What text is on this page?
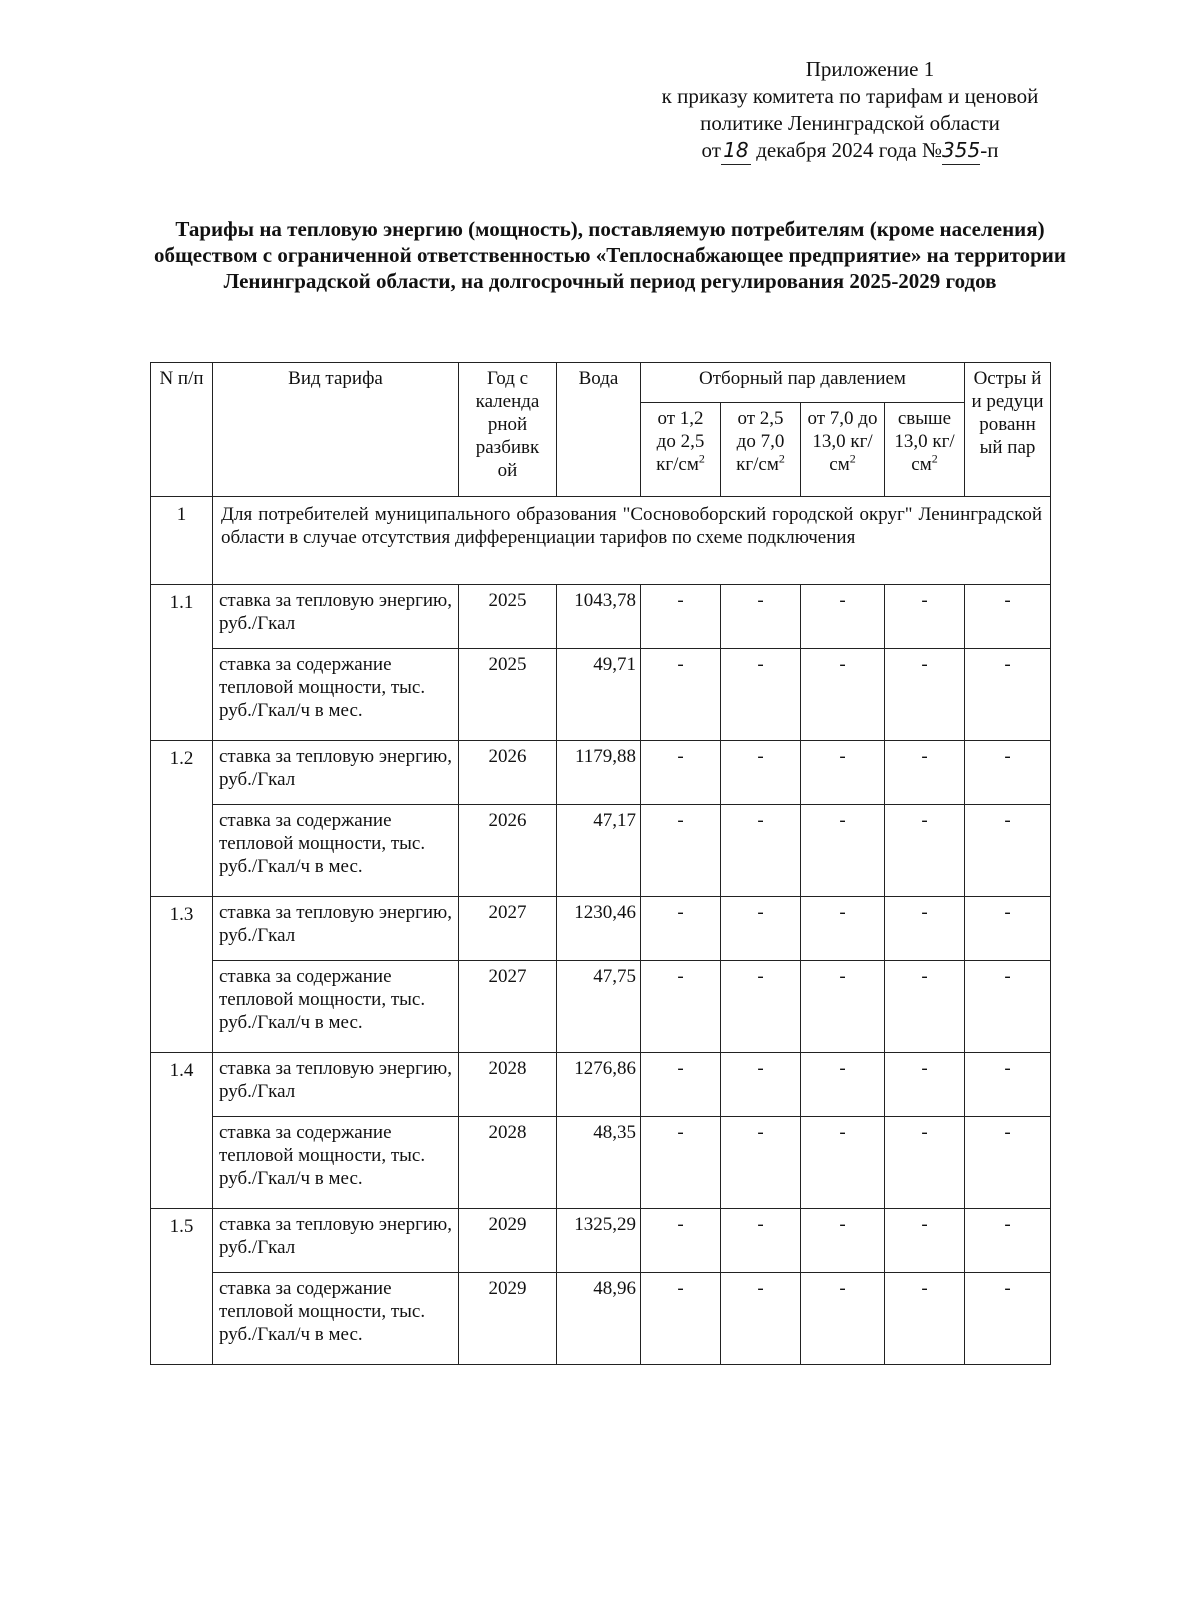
Приложение 1
к приказу комитета по тарифам и ценовой
политике Ленинградской области
от 18 декабря 2024 года №355-п
Тарифы на тепловую энергию (мощность), поставляемую потребителям (кроме населения) обществом с ограниченной ответственностью «Теплоснабжающее предприятие» на территории Ленинградской области, на долгосрочный период регулирования 2025-2029 годов
N п/п	Вид тарифа	Год с календа рной разбивк ой	Вода	Отборный пар давлением				Остры й и редуци рованн ый пар
				от 1,2 до 2,5 $кг/см^2$	от 2,5 до 7,0 $кг/см^2$	от 7,0 до 13,0 $кг/см^2$	свыше 13,0 $кг/см^2$
1	Для потребителей муниципального образования "Сосновоборский городской округ" Ленинградской области в случае отсутствия дифференциации тарифов по схеме подключения							
1.1	ставка за тепловую энергию, руб./Гкал	2025	1043,78	-	-	-	-	-
	ставка за содержание тепловой мощности, тыс. руб./Гкал/ч в мес.	2025	49,71	-	-	-	-	-
1.2	ставка за тепловую энергию, руб./Гкал	2026	1179,88	-	-	-	-	-
	ставка за содержание тепловой мощности, тыс. руб./Гкал/ч в мес.	2026	47,17	-	-	-	-	-
1.3	ставка за тепловую энергию, руб./Гкал	2027	1230,46	-	-	-	-	-
	ставка за содержание тепловой мощности, тыс. руб./Гкал/ч в мес.	2027	47,75	-	-	-	-	-
1.4	ставка за тепловую энергию, руб./Гкал	2028	1276,86	-	-	-	-	-
	ставка за содержание тепловой мощности, тыс. руб./Гкал/ч в мес.	2028	48,35	-	-	-	-	-
1.5	ставка за тепловую энергию, руб./Гкал	2029	1325,29	-	-	-	-	-
	ставка за содержание тепловой мощности, тыс. руб./Гкал/ч в мес.	2029	48,96	-	-	-	-	-
